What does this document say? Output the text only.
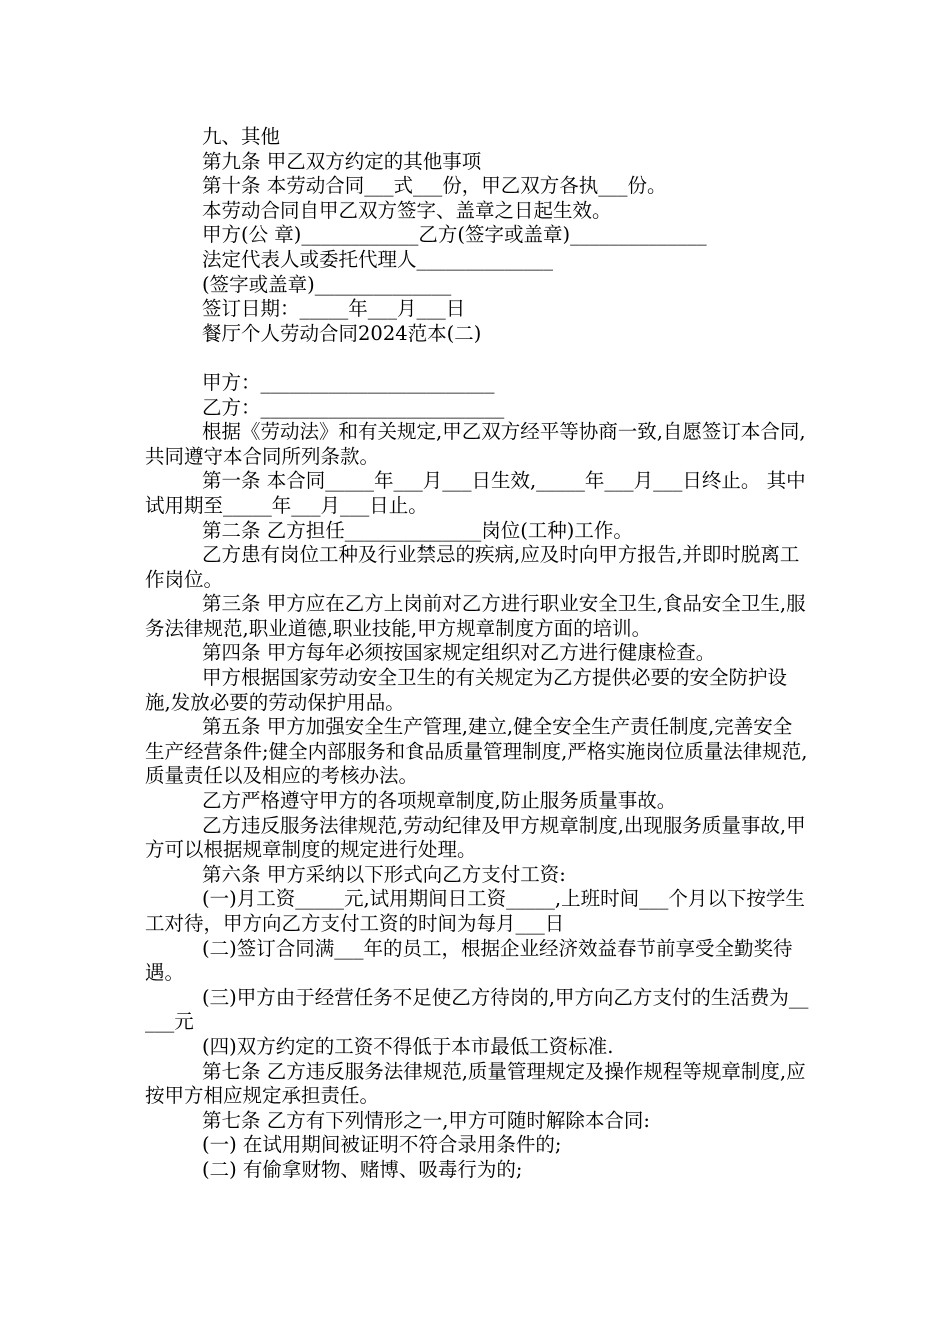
九、其他
第九条 甲乙双方约定的其他事项
第十条 本劳动合同___式___份，甲乙双方各执___份。
本劳动合同自甲乙双方签字、盖章之日起生效。
甲方(公 章)____________乙方(签字或盖章)______________
法定代表人或委托代理人______________
(签字或盖章)______________
签订日期：_____年___月___日
餐厅个人劳动合同2024范本(二)
甲方：________________________
乙方：_________________________
根据《劳动法》和有关规定,甲乙双方经平等协商一致,自愿签订本合同,共同遵守本合同所列条款。
第一条 本合同_____年___月___日生效,_____年___月___日终止。 其中试用期至_____年___月___日止。
第二条 乙方担任______________岗位(工种)工作。
乙方患有岗位工种及行业禁忌的疾病,应及时向甲方报告,并即时脱离工作岗位。
第三条 甲方应在乙方上岗前对乙方进行职业安全卫生,食品安全卫生,服务法律规范,职业道德,职业技能,甲方规章制度方面的培训。
第四条 甲方每年必须按国家规定组织对乙方进行健康检查。
甲方根据国家劳动安全卫生的有关规定为乙方提供必要的安全防护设施,发放必要的劳动保护用品。
第五条 甲方加强安全生产管理,建立,健全安全生产责任制度,完善安全生产经营条件;健全内部服务和食品质量管理制度,严格实施岗位质量法律规范,质量责任以及相应的考核办法。
乙方严格遵守甲方的各项规章制度,防止服务质量事故。
乙方违反服务法律规范,劳动纪律及甲方规章制度,出现服务质量事故,甲方可以根据规章制度的规定进行处理。
第六条 甲方采纳以下形式向乙方支付工资:
(一)月工资_____元,试用期间日工资_____,上班时间___个月以下按学生工对待，甲方向乙方支付工资的时间为每月___日
(二)签订合同满___年的员工，根据企业经济效益春节前享受全勤奖待遇。
(三)甲方由于经营任务不足使乙方待岗的,甲方向乙方支付的生活费为_____元
(四)双方约定的工资不得低于本市最低工资标准.
第七条 乙方违反服务法律规范,质量管理规定及操作规程等规章制度,应按甲方相应规定承担责任。
第七条 乙方有下列情形之一,甲方可随时解除本合同:
(一) 在试用期间被证明不符合录用条件的;
(二) 有偷拿财物、赌博、吸毒行为的;
